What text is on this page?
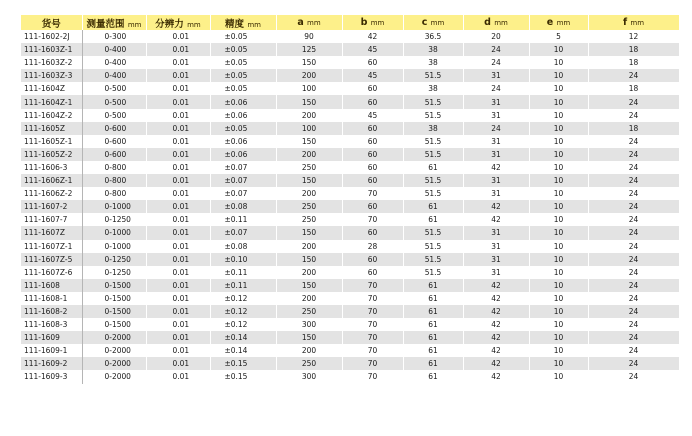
货号	测量范围 mm	分辨力 mm	精度 mm	a mm	b mm	c mm	d mm	e mm	f mm
111-1602-2J	0-300	0.01	±0.05	90	42	36.5	20	5	12
111-1603Z-1	0-400	0.01	±0.05	125	45	38	24	10	18
111-1603Z-2	0-400	0.01	±0.05	150	60	38	24	10	18
111-1603Z-3	0-400	0.01	±0.05	200	45	51.5	31	10	24
111-1604Z	0-500	0.01	±0.05	100	60	38	24	10	18
111-1604Z-1	0-500	0.01	±0.06	150	60	51.5	31	10	24
111-1604Z-2	0-500	0.01	±0.06	200	45	51.5	31	10	24
111-1605Z	0-600	0.01	±0.05	100	60	38	24	10	18
111-1605Z-1	0-600	0.01	±0.06	150	60	51.5	31	10	24
111-1605Z-2	0-600	0.01	±0.06	200	60	51.5	31	10	24
111-1606-3	0-800	0.01	±0.07	250	60	61	42	10	24
111-1606Z-1	0-800	0.01	±0.07	150	60	51.5	31	10	24
111-1606Z-2	0-800	0.01	±0.07	200	70	51.5	31	10	24
111-1607-2	0-1000	0.01	±0.08	250	60	61	42	10	24
111-1607-7	0-1250	0.01	±0.11	250	70	61	42	10	24
111-1607Z	0-1000	0.01	±0.07	150	60	51.5	31	10	24
111-1607Z-1	0-1000	0.01	±0.08	200	28	51.5	31	10	24
111-1607Z-5	0-1250	0.01	±0.10	150	60	51.5	31	10	24
111-1607Z-6	0-1250	0.01	±0.11	200	60	51.5	31	10	24
111-1608	0-1500	0.01	±0.11	150	70	61	42	10	24
111-1608-1	0-1500	0.01	±0.12	200	70	61	42	10	24
111-1608-2	0-1500	0.01	±0.12	250	70	61	42	10	24
111-1608-3	0-1500	0.01	±0.12	300	70	61	42	10	24
111-1609	0-2000	0.01	±0.14	150	70	61	42	10	24
111-1609-1	0-2000	0.01	±0.14	200	70	61	42	10	24
111-1609-2	0-2000	0.01	±0.15	250	70	61	42	10	24
111-1609-3	0-2000	0.01	±0.15	300	70	61	42	10	24
